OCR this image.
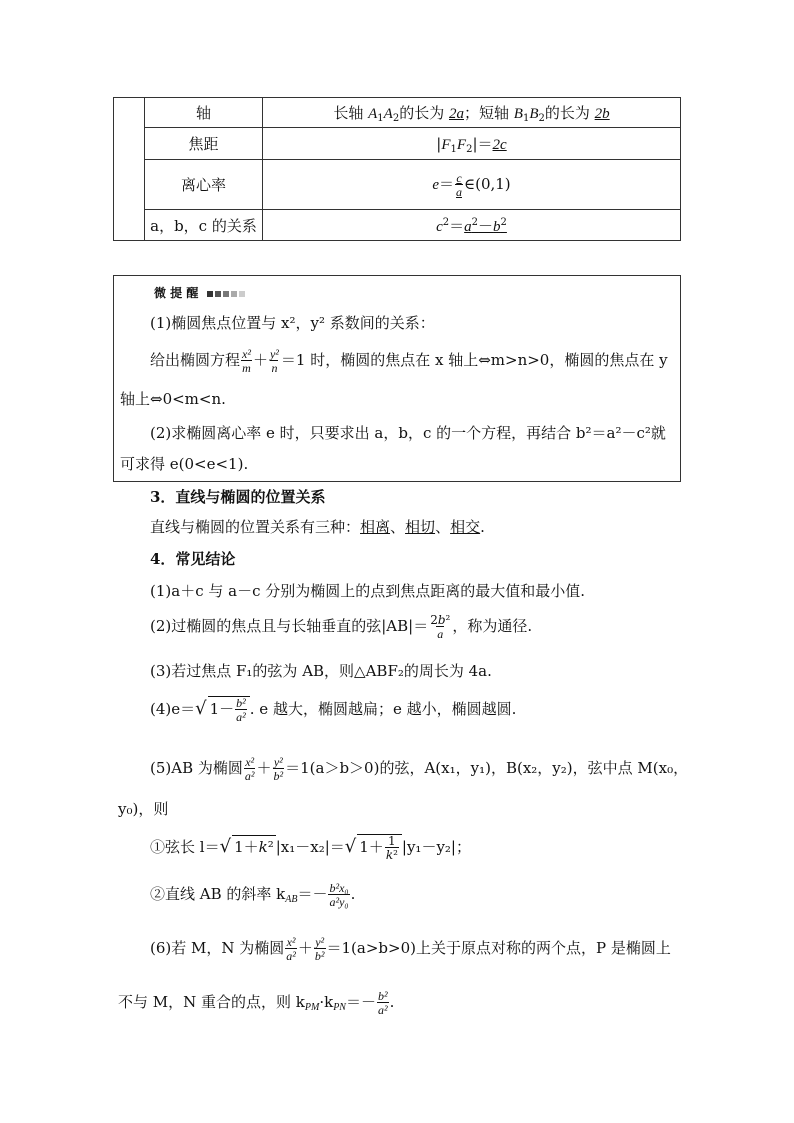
	轴	长轴 $A_1A_2$的长为 2a；短轴 $B_1B_2$的长为 2b
	焦距	$|F_1F_2|=2c$
	离心率	$e= \frac{c}{a}$ ∈(0,1)
	a，b，c 的关系	$c^2=a^2-b^2$
微 提 醒
(1)椭圆焦点位置与 x²，y² 系数间的关系：
给出椭圆方程 $\frac{\text{x²}}{m} + \frac{\text{y²}}{n} =1$ 时，椭圆的焦点在 x 轴上⇔m>n>0，椭圆的焦点在 y
轴上⇔0<m<n.
(2)求椭圆离心率 e 时，只要求出 a，b，c 的一个方程，再结合 b²＝a²－c²就
可求得 e(0<e<1).
3．直线与椭圆的位置关系
直线与椭圆的位置关系有三种：相离、相切、相交.
4．常见结论
(1)a＋c 与 a－c 分别为椭圆上的点到焦点距离的最大值和最小值.
(2)过椭圆的焦点且与长轴垂直的弦$|AB|= \frac{\text{2b²}}{a}$ ，称为通径.
(3)若过焦点 F₁的弦为 AB，则△ABF₂的周长为 4a.
(4)e＝√ $1- \frac{\text{b²}}{\text{a²}}$ . e 越大，椭圆越扁；e 越小，椭圆越圆.
(5)AB 为椭圆 $\frac{\text{x²}}{\text{a²}} + \frac{\text{y²}}{\text{b²}} =1(a>b>0)$的弦，A(x₁，y₁)，B(x₂，y₂)，弦中点 M(x₀，
y₀)，则
①弦长 l＝√ 1＋k² |x₁－x₂|＝√ $1+ \frac{1}{\text{k²}} |y_1-y_2|$；
②直线 AB 的斜率 $k_{AB}=- \frac{\text{b²x₀}}{\text{a²y₀}}$ .
(6)若 M，N 为椭圆 $\frac{\text{x²}}{\text{a²}} + \frac{\text{y²}}{\text{b²}} =1(a>b>0)$上关于原点对称的两个点，P 是椭圆上
不与 M，N 重合的点，则 $k_{PM}\cdot k_{PN}=- \frac{\text{b²}}{\text{a²}}$ .
